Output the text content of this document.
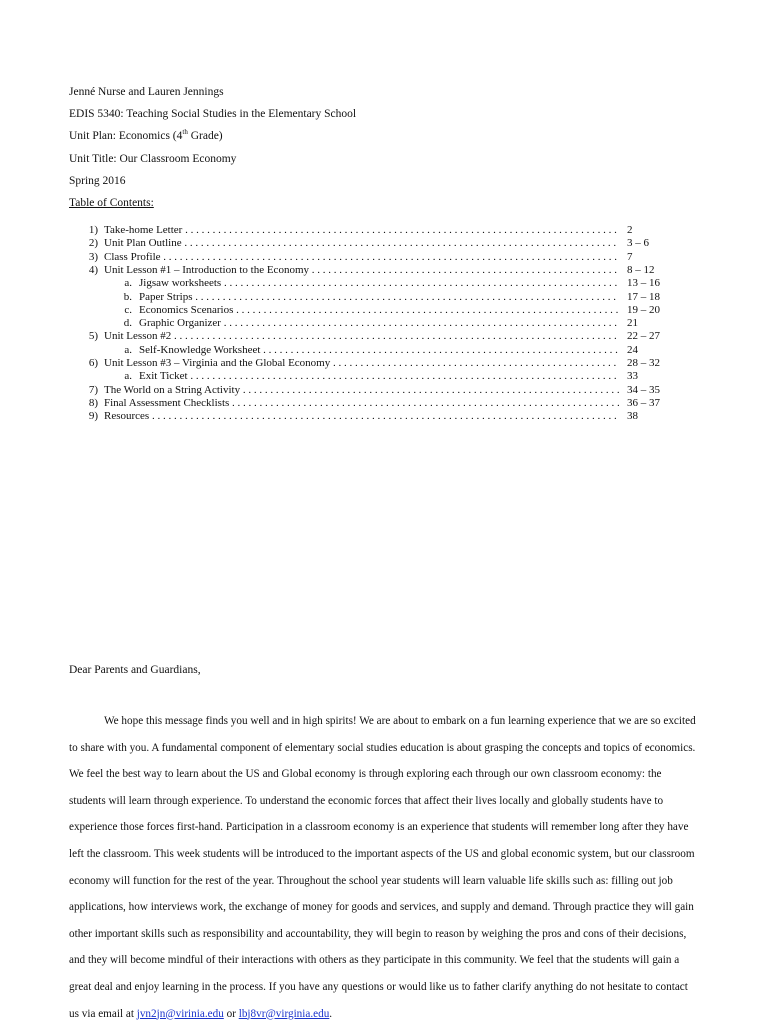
Jenné Nurse and Lauren Jennings
EDIS 5340: Teaching Social Studies in the Elementary School
Unit Plan: Economics (4th Grade)
Unit Title: Our Classroom Economy
Spring 2016
Table of Contents:
1) Take-home Letter . . .	2
2) Unit Plan Outline . . .	3 – 6
3) Class Profile . . .	7
4) Unit Lesson #1 – Introduction to the Economy . . .	8 – 12
a. Jigsaw worksheets . . .	13 – 16
b. Paper Strips . . .	17 – 18
c. Economics Scenarios . . .	19 – 20
d. Graphic Organizer . . .	21
5) Unit Lesson #2 . . .	22 – 27
a. Self-Knowledge Worksheet . . .	24
6) Unit Lesson #3 – Virginia and the Global Economy . . .	28 – 32
a. Exit Ticket . . .	33
7) The World on a String Activity . . .	34 – 35
8) Final Assessment Checklists . . .	36 – 37
9) Resources . . .	38
Dear Parents and Guardians,

We hope this message finds you well and in high spirits! We are about to embark on a fun learning experience that we are so excited to share with you. A fundamental component of elementary social studies education is about grasping the concepts and topics of economics. We feel the best way to learn about the US and Global economy is through exploring each through our own classroom economy: the students will learn through experience. To understand the economic forces that affect their lives locally and globally students have to experience those forces first-hand. Participation in a classroom economy is an experience that students will remember long after they have left the classroom. This week students will be introduced to the important aspects of the US and global economic system, but our classroom economy will function for the rest of the year. Throughout the school year students will learn valuable life skills such as: filling out job applications, how interviews work, the exchange of money for goods and services, and supply and demand. Through practice they will gain other important skills such as responsibility and accountability, they will begin to reason by weighing the pros and cons of their decisions, and they will become mindful of their interactions with others as they participate in this community. We feel that the students will gain a great deal and enjoy learning in the process. If you have any questions or would like us to father clarify anything do not hesitate to contact us via email at jvn2jn@virinia.edu or lbj8vr@virginia.edu.
